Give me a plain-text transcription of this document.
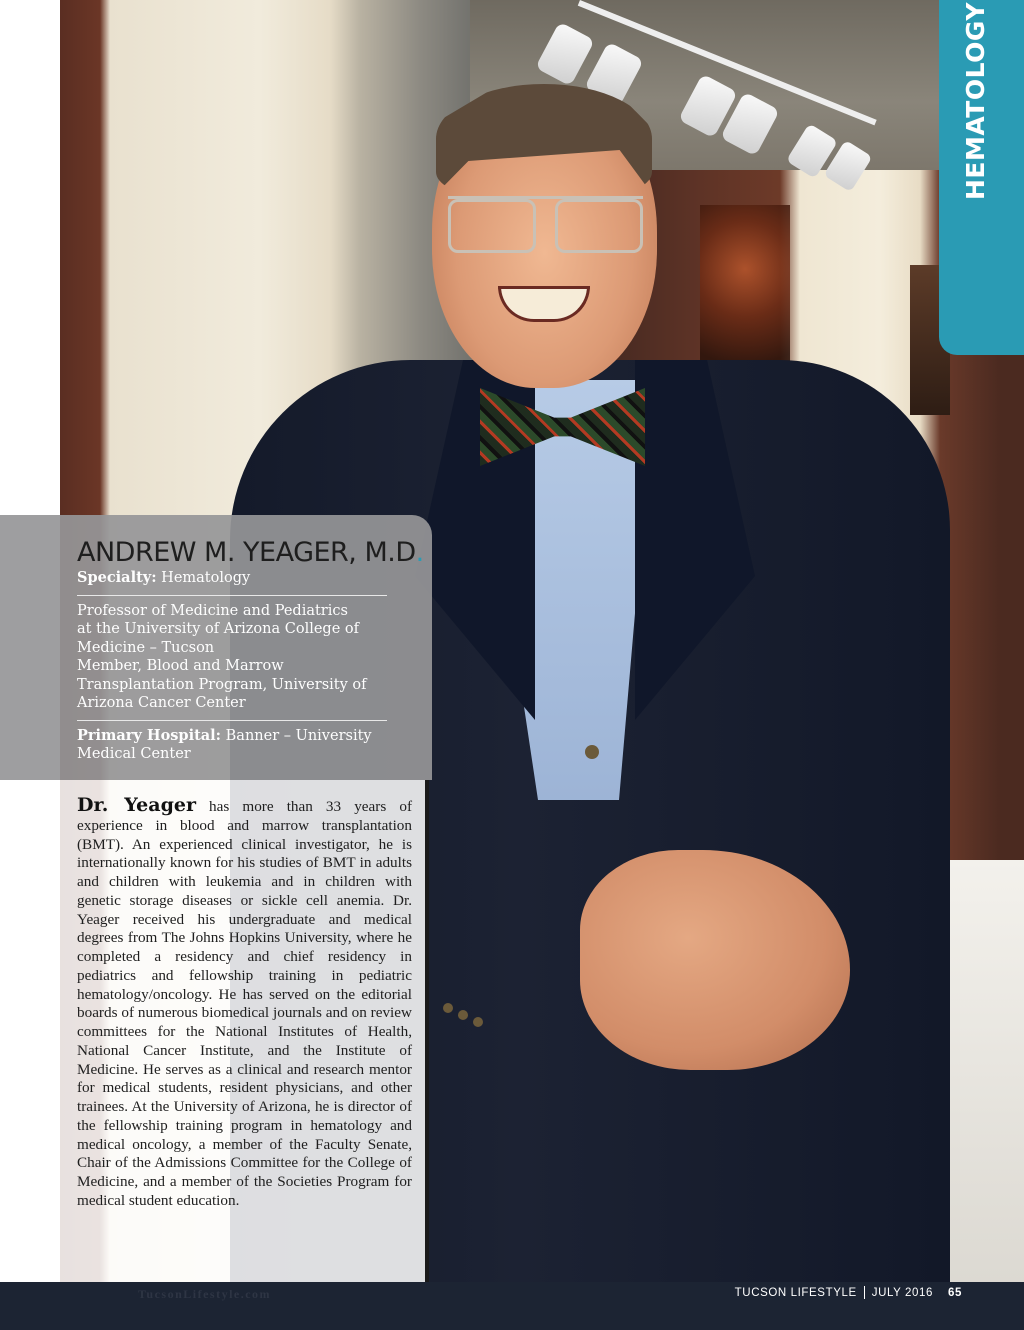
HEMATOLOGY
ANDREW M. YEAGER, M.D.
Specialty: Hematology
Professor of Medicine and Pediatrics
at the University of Arizona College of
Medicine – Tucson
Member, Blood and Marrow
Transplantation Program, University of
Arizona Cancer Center
Primary Hospital: Banner – University Medical Center
Dr. Yeager has more than 33 years of experience in blood and marrow transplantation (BMT). An experienced clinical investigator, he is internationally known for his studies of BMT in adults and children with leukemia and in children with genetic storage diseases or sickle cell anemia. Dr. Yeager received his undergraduate and medical degrees from The Johns Hopkins University, where he completed a residency and chief residency in pediatrics and fellowship training in pediatric hematology/oncology. He has served on the editorial boards of numerous biomedical journals and on review committees for the National Institutes of Health, National Cancer Institute, and the Institute of Medicine. He serves as a clinical and research mentor for medical students, resident physicians, and other trainees. At the University of Arizona, he is director of the fellowship training program in hematology and medical oncology, a member of the Faculty Senate, Chair of the Admissions Committee for the College of Medicine, and a member of the Societies Program for medical student education.
TucsonLifestyle.com	TUCSON LIFESTYLE JULY 2016 65
